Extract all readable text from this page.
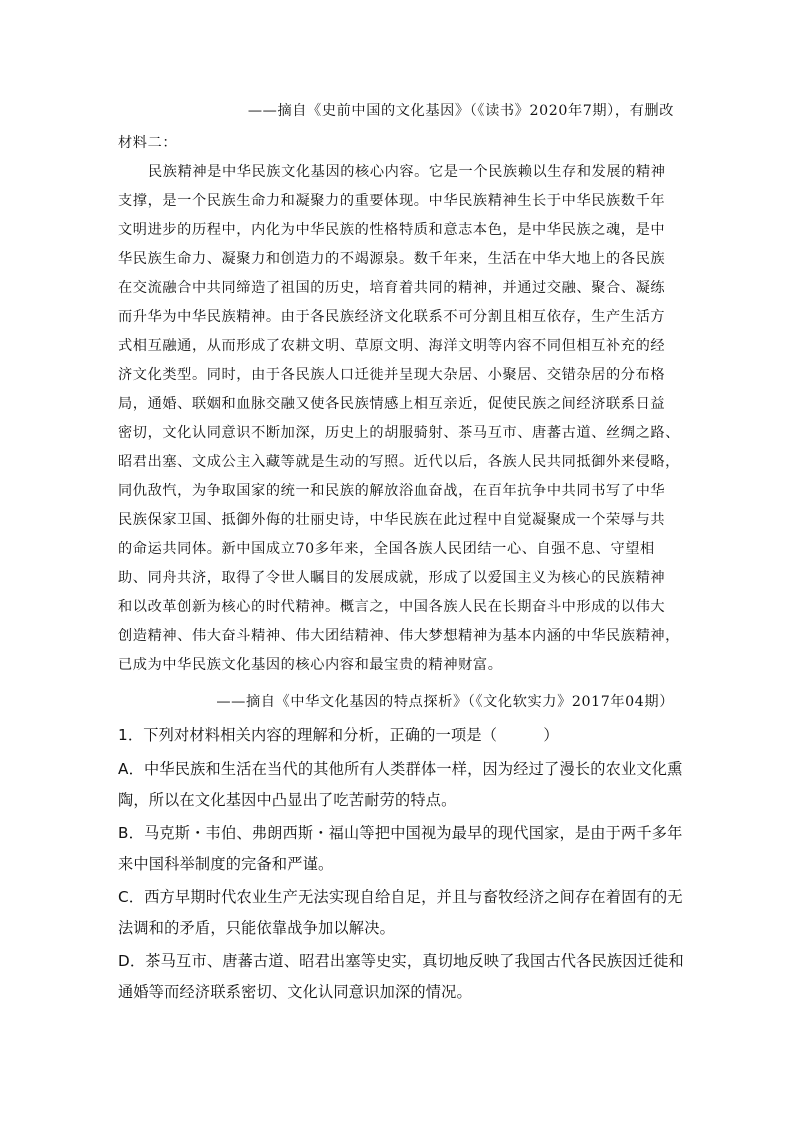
——摘自《史前中国的文化基因》（《读书》2020年7期），有删改
材料二：
民族精神是中华民族文化基因的核心内容。它是一个民族赖以生存和发展的精神
支撑，是一个民族生命力和凝聚力的重要体现。中华民族精神生长于中华民族数千年
文明进步的历程中，内化为中华民族的性格特质和意志本色，是中华民族之魂，是中
华民族生命力、凝聚力和创造力的不竭源泉。数千年来，生活在中华大地上的各民族
在交流融合中共同缔造了祖国的历史，培育着共同的精神，并通过交融、聚合、凝练
而升华为中华民族精神。由于各民族经济文化联系不可分割且相互依存，生产生活方
式相互融通，从而形成了农耕文明、草原文明、海洋文明等内容不同但相互补充的经
济文化类型。同时，由于各民族人口迁徙并呈现大杂居、小聚居、交错杂居的分布格
局，通婚、联姻和血脉交融又使各民族情感上相互亲近，促使民族之间经济联系日益
密切，文化认同意识不断加深，历史上的胡服骑射、茶马互市、唐蕃古道、丝绸之路、
昭君出塞、文成公主入藏等就是生动的写照。近代以后，各族人民共同抵御外来侵略，
同仇敌忾，为争取国家的统一和民族的解放浴血奋战，在百年抗争中共同书写了中华
民族保家卫国、抵御外侮的壮丽史诗，中华民族在此过程中自觉凝聚成一个荣辱与共
的命运共同体。新中国成立70多年来，全国各族人民团结一心、自强不息、守望相
助、同舟共济，取得了令世人瞩目的发展成就，形成了以爱国主义为核心的民族精神
和以改革创新为核心的时代精神。概言之，中国各族人民在长期奋斗中形成的以伟大
创造精神、伟大奋斗精神、伟大团结精神、伟大梦想精神为基本内涵的中华民族精神，
已成为中华民族文化基因的核心内容和最宝贵的精神财富。
——摘自《中华文化基因的特点探析》（《文化软实力》2017年04期）
1．下列对材料相关内容的理解和分析，正确的一项是（　　　）
A．中华民族和生活在当代的其他所有人类群体一样，因为经过了漫长的农业文化熏
陶，所以在文化基因中凸显出了吃苦耐劳的特点。
B．马克斯・韦伯、弗朗西斯・福山等把中国视为最早的现代国家，是由于两千多年
来中国科举制度的完备和严谨。
C．西方早期时代农业生产无法实现自给自足，并且与畜牧经济之间存在着固有的无
法调和的矛盾，只能依靠战争加以解决。
D．茶马互市、唐蕃古道、昭君出塞等史实，真切地反映了我国古代各民族因迁徙和
通婚等而经济联系密切、文化认同意识加深的情况。
